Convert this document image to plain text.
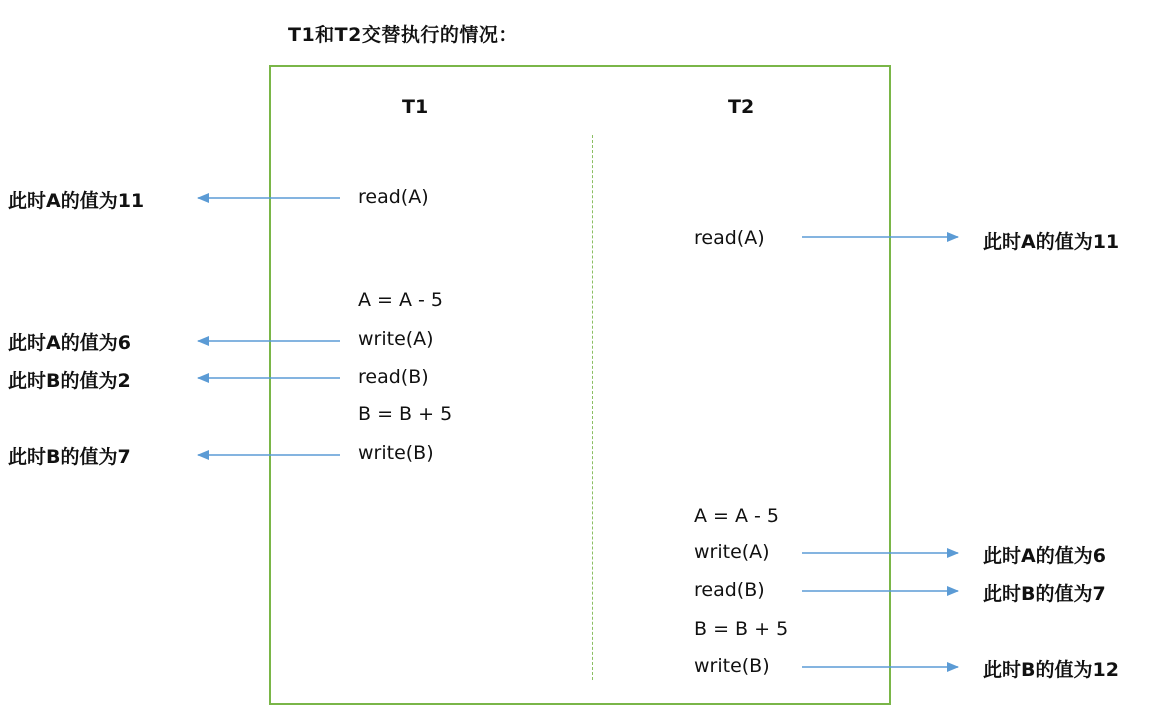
T1和T2交替执行的情况：
T1	T2
read(A)
A = A - 5
write(A)
read(B)
B = B + 5
write(B)
read(A)
A = A - 5
write(A)
read(B)
B = B + 5
write(B)
此时A的值为11
此时A的值为6
此时B的值为2
此时B的值为7
此时A的值为11
此时A的值为6
此时B的值为7
此时B的值为12
